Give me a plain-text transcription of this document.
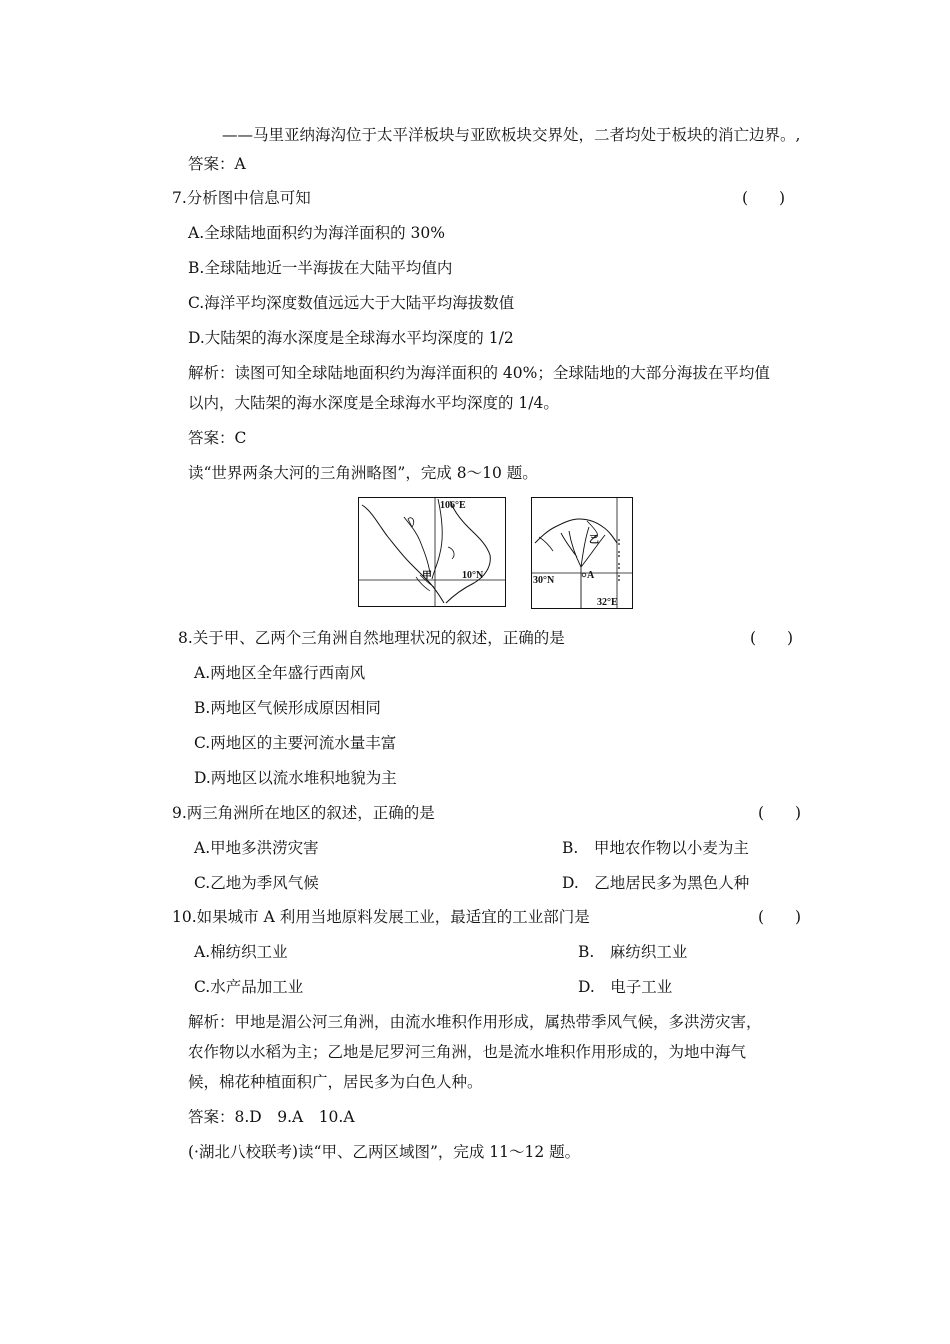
——马里亚纳海沟位于太平洋板块与亚欧板块交界处，二者均处于板块的消亡边界。,
答案：A
7.分析图中信息可知	(　　)
A.全球陆地面积约为海洋面积的 30%
B.全球陆地近一半海拔在大陆平均值内
C.海洋平均深度数值远远大于大陆平均海拔数值
D.大陆架的海水深度是全球海水平均深度的 1/2
解析：读图可知全球陆地面积约为海洋面积的 40%；全球陆地的大部分海拔在平均值
以内，大陆架的海水深度是全球海水平均深度的 1/4。
答案：C
读“世界两条大河的三角洲略图”，完成 8～10 题。
106°E
10°N
甲
乙
30°N	A
32°E
8.关于甲、乙两个三角洲自然地理状况的叙述，正确的是	(　　)
A.两地区全年盛行西南风
B.两地区气候形成原因相同
C.两地区的主要河流水量丰富
D.两地区以流水堆积地貌为主
9.两三角洲所在地区的叙述，正确的是	(　　)
A.甲地多洪涝灾害	B.　甲地农作物以小麦为主
C.乙地为季风气候	D.　乙地居民多为黑色人种
10.如果城市 A 利用当地原料发展工业，最适宜的工业部门是	(　　)
A.棉纺织工业	B.　麻纺织工业
C.水产品加工业	D.　电子工业
解析：甲地是湄公河三角洲，由流水堆积作用形成，属热带季风气候，多洪涝灾害，
农作物以水稻为主；乙地是尼罗河三角洲，也是流水堆积作用形成的，为地中海气
候，棉花种植面积广，居民多为白色人种。
答案：8.D　9.A　10.A
(·湖北八校联考)读“甲、乙两区域图”，完成 11～12 题。
